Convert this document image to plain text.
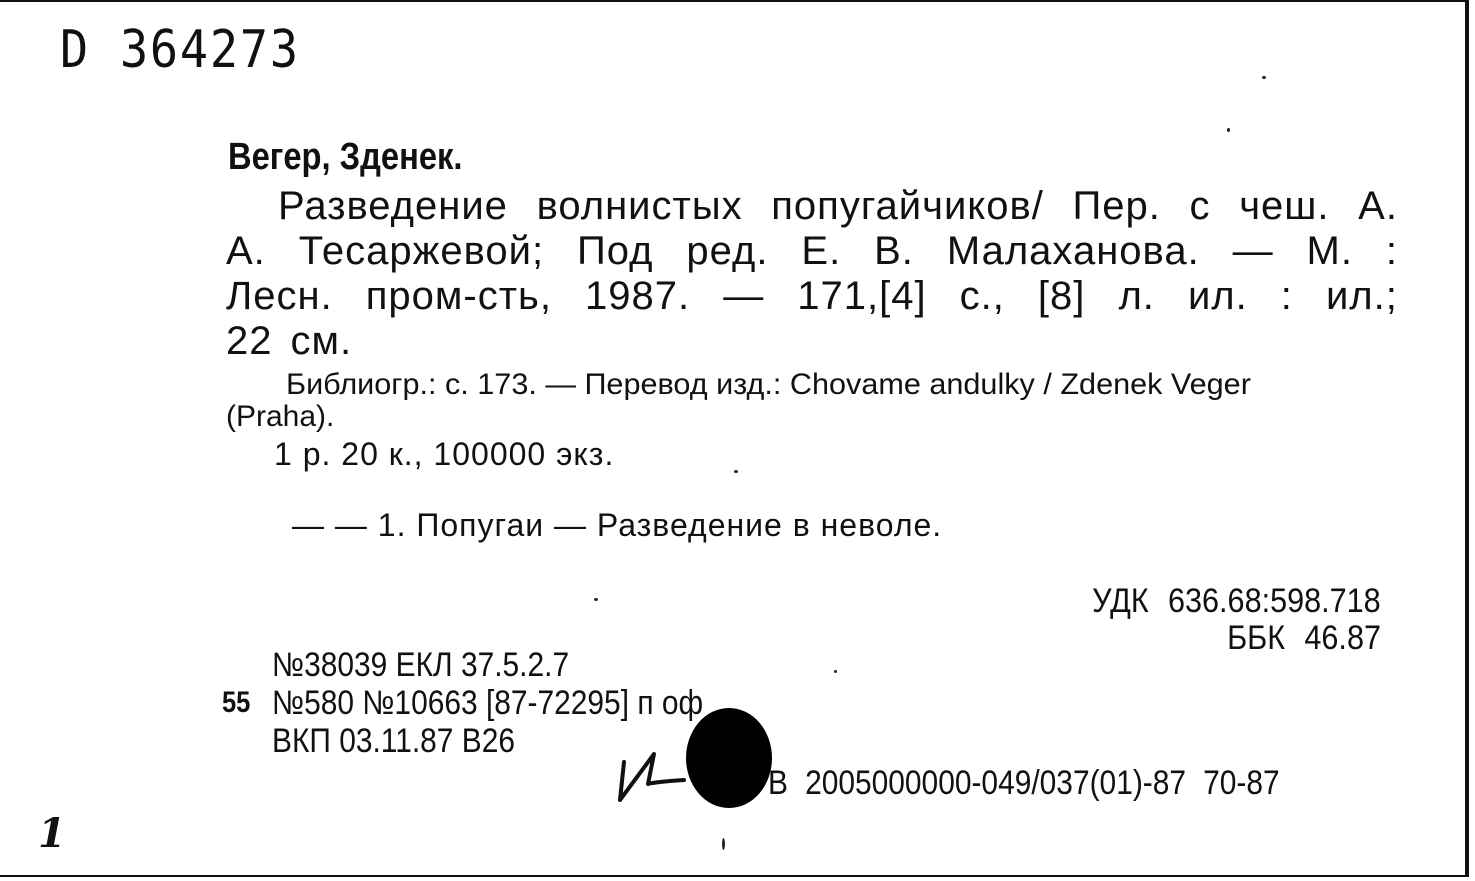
D 364273
Вегер, Зденек.
Разведение волнистых попугайчиков/ Пер. с чеш. А.
А. Тесаржевой; Под ред. Е. В. Малаханова. — М. :
Лесн. пром-сть, 1987. — 171,[4] с., [8] л. ил. : ил.;
22 см.
Библиогр.: с. 173. — Перевод изд.: Chovame andulky / Zdenek Veger
(Praha).
1 р. 20 к., 100000 экз.
— — 1. Попугаи — Разведение в неволе.
УДК 636.68:598.718
ББК 46.87
№38039 ЕКЛ 37.5.2.7
55 №580 №10663 [87-72295] п оф
ВКП 03.11.87 В26
В 2005000000-049/037(01)-87 70-87
1
